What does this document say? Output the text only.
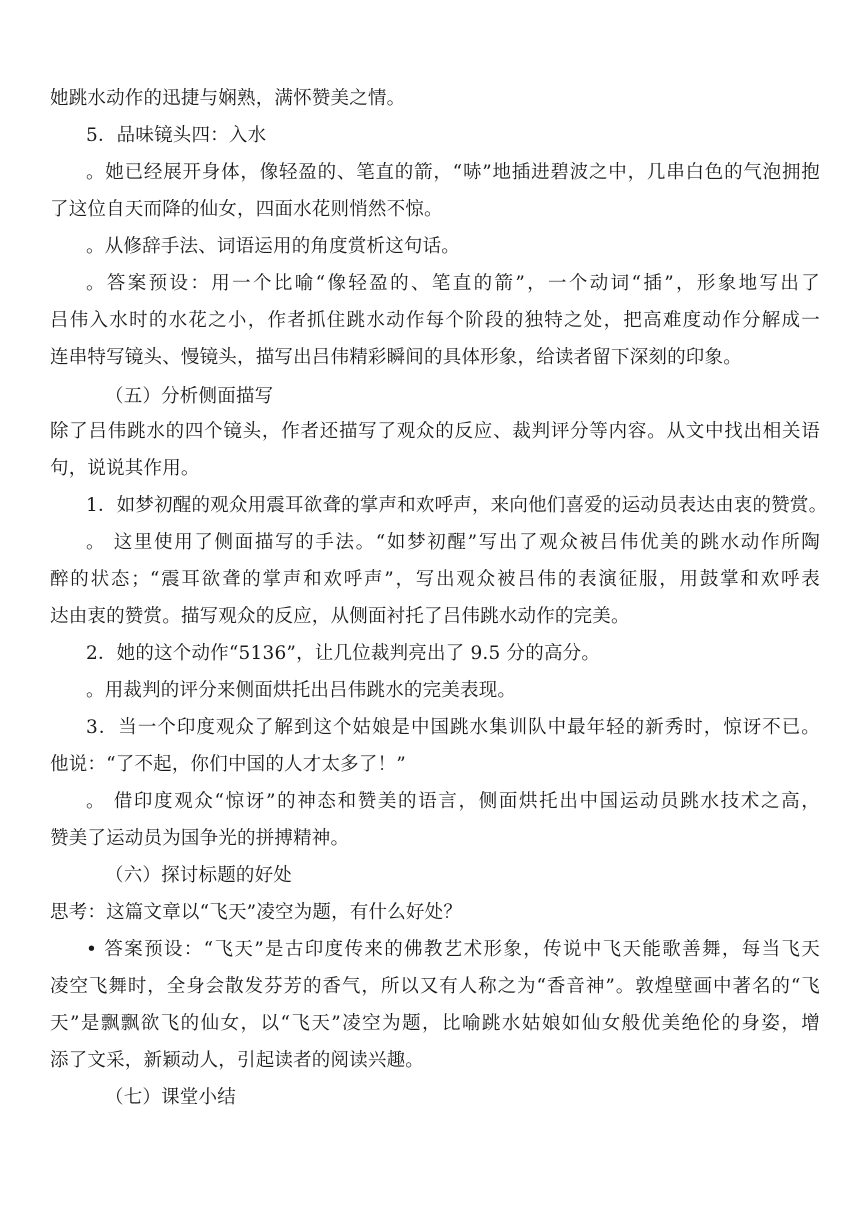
她跳水动作的迅捷与娴熟，满怀赞美之情。
5．品味镜头四：入水
。她已经展开身体，像轻盈的、笔直的箭，“哧”地插进碧波之中，几串白色的气泡拥抱
了这位自天而降的仙女，四面水花则悄然不惊。
。从修辞手法、词语运用的角度赏析这句话。
。答案预设：用一个比喻“像轻盈的、笔直的箭”，一个动词“插”，形象地写出了
吕伟入水时的水花之小，作者抓住跳水动作每个阶段的独特之处，把高难度动作分解成一
连串特写镜头、慢镜头，描写出吕伟精彩瞬间的具体形象，给读者留下深刻的印象。
（五）分析侧面描写
除了吕伟跳水的四个镜头，作者还描写了观众的反应、裁判评分等内容。从文中找出相关语
句，说说其作用。
1．如梦初醒的观众用震耳欲聋的掌声和欢呼声，来向他们喜爱的运动员表达由衷的赞赏。
。 这里使用了侧面描写的手法。“如梦初醒”写出了观众被吕伟优美的跳水动作所陶
醉的状态；“震耳欲聋的掌声和欢呼声”，写出观众被吕伟的表演征服，用鼓掌和欢呼表
达由衷的赞赏。描写观众的反应，从侧面衬托了吕伟跳水动作的完美。
2．她的这个动作“5136”，让几位裁判亮出了 9.5 分的高分。
。用裁判的评分来侧面烘托出吕伟跳水的完美表现。
3．当一个印度观众了解到这个姑娘是中国跳水集训队中最年轻的新秀时，惊讶不已。
他说：“了不起，你们中国的人才太多了！”
。 借印度观众“惊讶”的神态和赞美的语言，侧面烘托出中国运动员跳水技术之高，
赞美了运动员为国争光的拼搏精神。
（六）探讨标题的好处
思考：这篇文章以“飞天”凌空为题，有什么好处？
• 答案预设：“飞天”是古印度传来的佛教艺术形象，传说中飞天能歌善舞，每当飞天
凌空飞舞时，全身会散发芬芳的香气，所以又有人称之为“香音神”。敦煌壁画中著名的“飞
天”是飘飘欲飞的仙女，以“飞天”凌空为题，比喻跳水姑娘如仙女般优美绝伦的身姿，增
添了文采，新颖动人，引起读者的阅读兴趣。
（七）课堂小结
